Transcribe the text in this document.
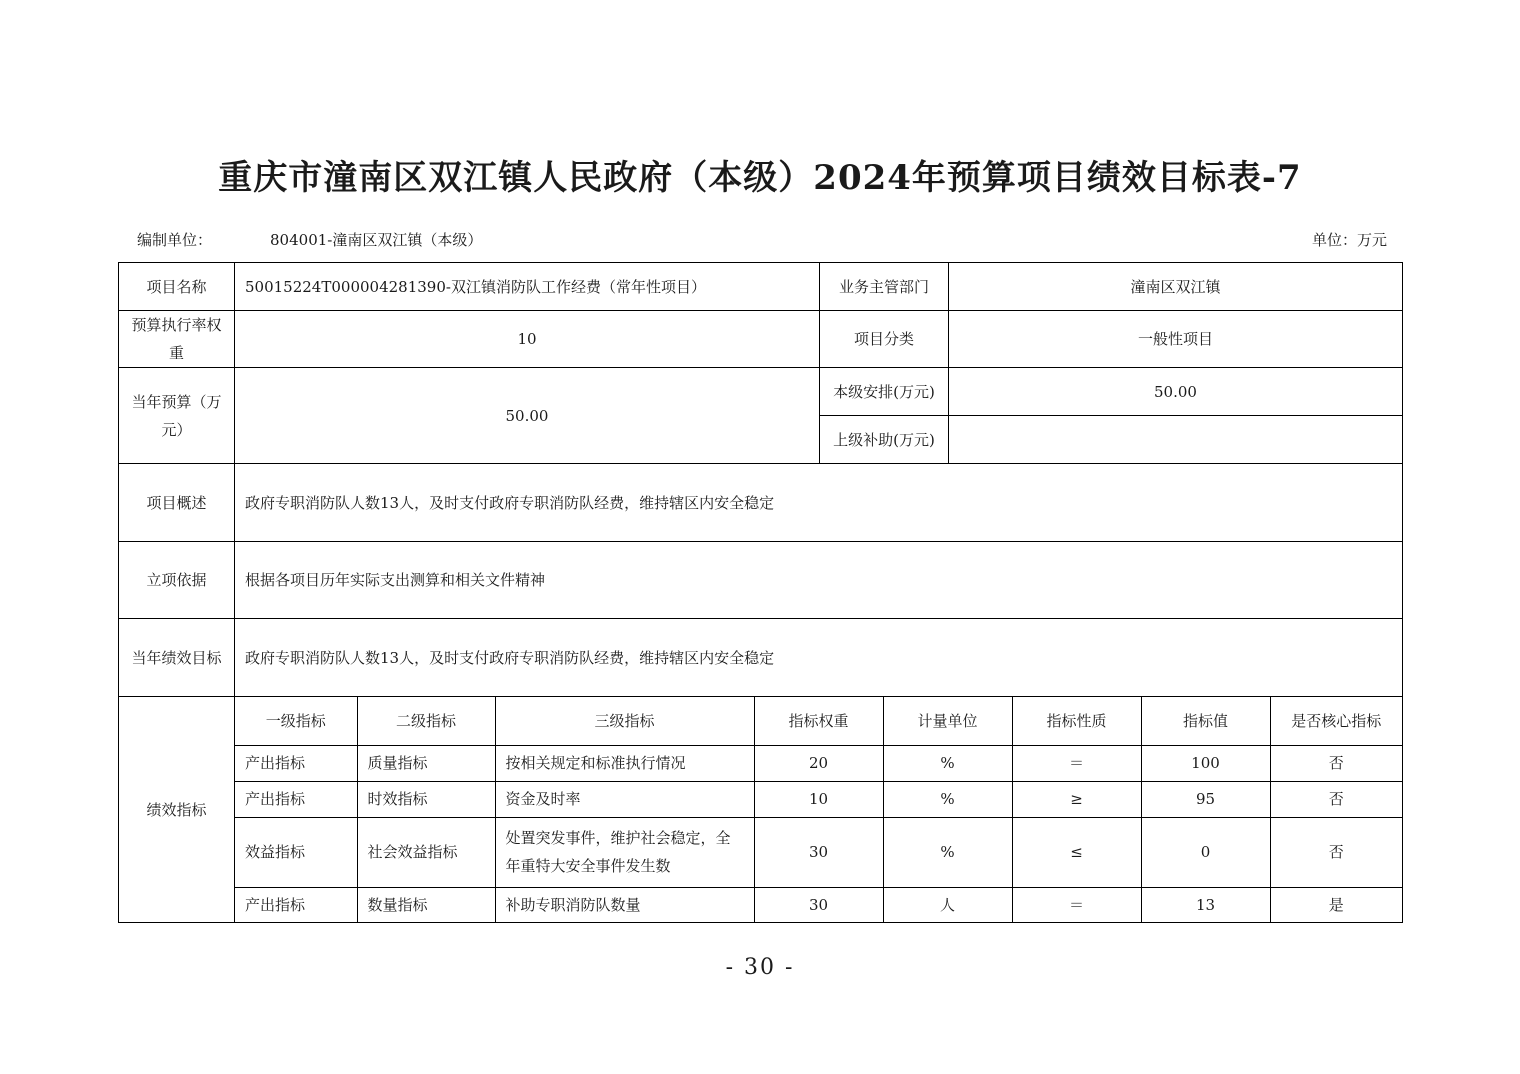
重庆市潼南区双江镇人民政府（本级）2024年预算项目绩效目标表-7
编制单位：	804001-潼南区双江镇（本级）	单位：万元
项目名称	50015224T000004281390-双江镇消防队工作经费（常年性项目）	业务主管部门	潼南区双江镇
预算执行率权重	10	项目分类	一般性项目
当年预算（万元）	50.00	本级安排(万元)	50.00
上级补助(万元)	
项目概述	政府专职消防队人数13人，及时支付政府专职消防队经费，维持辖区内安全稳定
立项依据	根据各项目历年实际支出测算和相关文件精神
当年绩效目标	政府专职消防队人数13人，及时支付政府专职消防队经费，维持辖区内安全稳定
绩效指标	
一级指标	二级指标	三级指标	指标权重	计量单位	指标性质	指标值	是否核心指标
产出指标	质量指标	按相关规定和标准执行情况	20	%	＝	100	否
产出指标	时效指标	资金及时率	10	%	≥	95	否
效益指标	社会效益指标	处置突发事件，维护社会稳定，全年重特大安全事件发生数	30	%	≤	0	否
产出指标	数量指标	补助专职消防队数量	30	人	＝	13	是
- 30 -
